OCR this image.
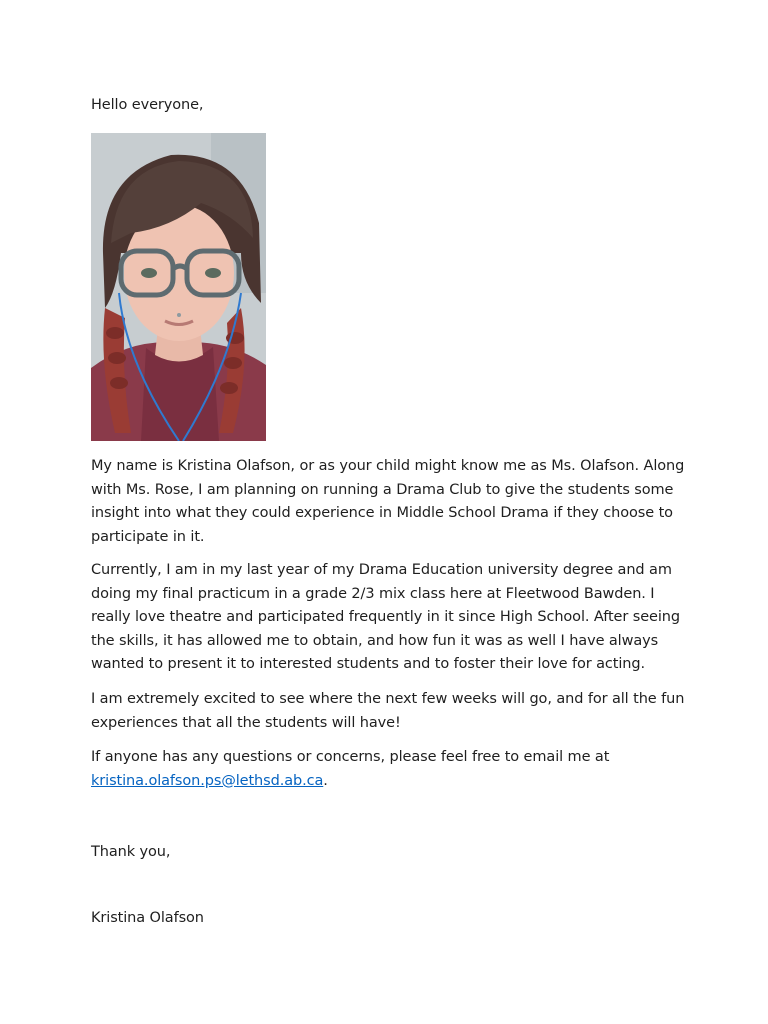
Hello everyone,

My name is Kristina Olafson, or as your child might know me as Ms. Olafson. Along with Ms. Rose, I am planning on running a Drama Club to give the students some insight into what they could experience in Middle School Drama if they choose to participate in it.

Currently, I am in my last year of my Drama Education university degree and am doing my final practicum in a grade 2/3 mix class here at Fleetwood Bawden. I really love theatre and participated frequently in it since High School. After seeing the skills, it has allowed me to obtain, and how fun it was as well I have always wanted to present it to interested students and to foster their love for acting.

I am extremely excited to see where the next few weeks will go, and for all the fun experiences that all the students will have!

If anyone has any questions or concerns, please feel free to email me at kristina.olafson.ps@lethsd.ab.ca.

Thank you,

Kristina Olafson
